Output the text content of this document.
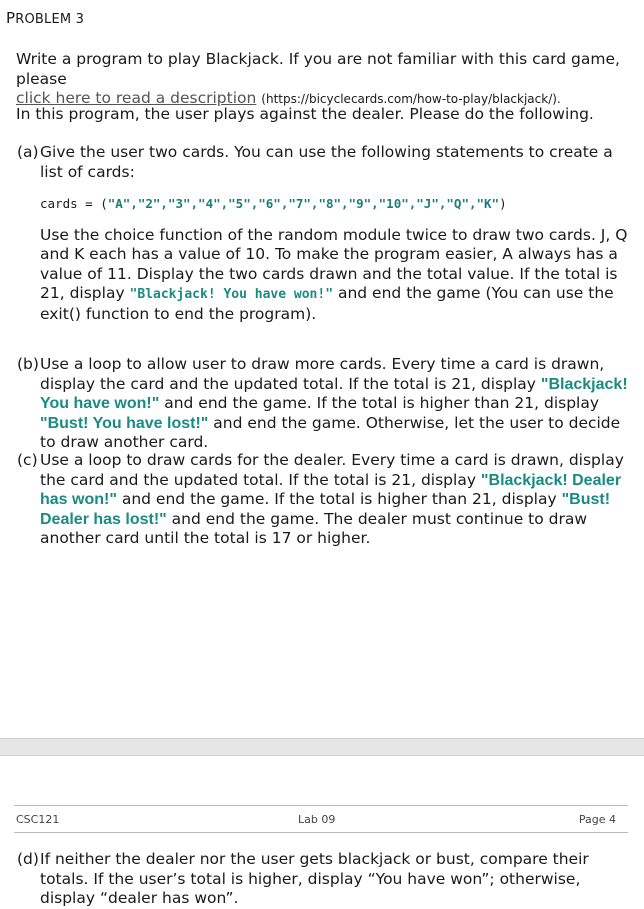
PROBLEM 3
Write a program to play Blackjack. If you are not familiar with this card game, please
click here to read a description (https://bicyclecards.com/how-to-play/blackjack/).
In this program, the user plays against the dealer. Please do the following.
(a) Give the user two cards. You can use the following statements to create a list of cards:
cards = ("A","2","3","4","5","6","7","8","9","10","J","Q","K")
Use the choice function of the random module twice to draw two cards. J, Q and K each has a value of 10. To make the program easier, A always has a value of 11. Display the two cards drawn and the total value. If the total is 21, display "Blackjack! You have won!" and end the game (You can use the exit() function to end the program).
(b) Use a loop to allow user to draw more cards. Every time a card is drawn, display the card and the updated total. If the total is 21, display "Blackjack! You have won!" and end the game. If the total is higher than 21, display "Bust! You have lost!" and end the game. Otherwise, let the user to decide to draw another card.
(c) Use a loop to draw cards for the dealer. Every time a card is drawn, display the card and the updated total. If the total is 21, display "Blackjack! Dealer has won!" and end the game. If the total is higher than 21, display "Bust! Dealer has lost!" and end the game. The dealer must continue to draw another card until the total is 17 or higher.
CSC121	Lab 09	Page 4
(d) If neither the dealer nor the user gets blackjack or bust, compare their totals. If the user’s total is higher, display “You have won”; otherwise, display “dealer has won”.
